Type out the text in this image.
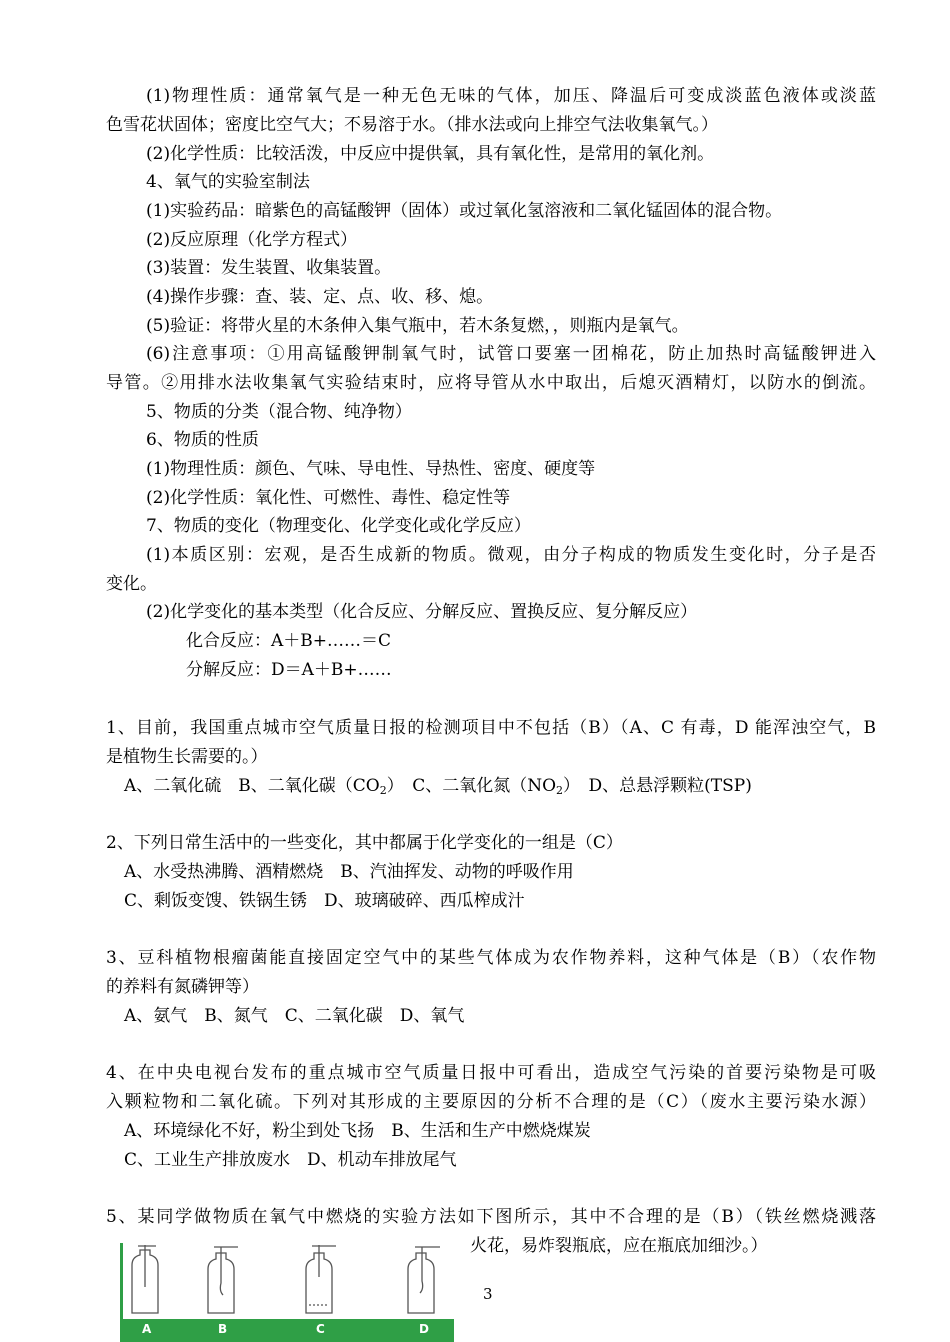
(1)物理性质：通常氧气是一种无色无味的气体，加压、降温后可变成淡蓝色液体或淡蓝
色雪花状固体；密度比空气大；不易溶于水。（排水法或向上排空气法收集氧气。）
(2)化学性质：比较活泼，中反应中提供氧，具有氧化性，是常用的氧化剂。
4、氧气的实验室制法
(1)实验药品：暗紫色的高锰酸钾（固体）或过氧化氢溶液和二氧化锰固体的混合物。
(2)反应原理（化学方程式）
(3)装置：发生装置、收集装置。
(4)操作步骤：查、装、定、点、收、移、熄。
(5)验证：将带火星的木条伸入集气瓶中，若木条复燃，，则瓶内是氧气。
(6)注意事项：①用高锰酸钾制氧气时，试管口要塞一团棉花，防止加热时高锰酸钾进入
导管。②用排水法收集氧气实验结束时，应将导管从水中取出，后熄灭酒精灯，以防水的倒流。
5、物质的分类（混合物、纯净物）
6、物质的性质
(1)物理性质：颜色、气味、导电性、导热性、密度、硬度等
(2)化学性质：氧化性、可燃性、毒性、稳定性等
7、物质的变化（物理变化、化学变化或化学反应）
(1)本质区别：宏观，是否生成新的物质。微观，由分子构成的物质发生变化时，分子是否
变化。
(2)化学变化的基本类型（化合反应、分解反应、置换反应、复分解反应）
化合反应：A＋B+……＝C
分解反应：D＝A＋B+……
1、目前，我国重点城市空气质量日报的检测项目中不包括（B）（A、C 有毒，D 能浑浊空气，B
是植物生长需要的。）
A、二氧化硫　B、二氧化碳$(CO_2)$　C、二氧化氮$(NO_2)$　D、总悬浮颗粒(TSP)
2、下列日常生活中的一些变化，其中都属于化学变化的一组是（C）
A、水受热沸腾、酒精燃烧　B、汽油挥发、动物的呼吸作用
C、剩饭变馊、铁锅生锈　D、玻璃破碎、西瓜榨成汁
3、豆科植物根瘤菌能直接固定空气中的某些气体成为农作物养料，这种气体是（B）（农作物
的养料有氮磷钾等）
A、氨气　B、氮气　C、二氧化碳　D、氧气
4、在中央电视台发布的重点城市空气质量日报中可看出，造成空气污染的首要污染物是可吸
入颗粒物和二氧化硫。下列对其形成的主要原因的分析不合理的是（C）（废水主要污染水源）
A、环境绿化不好，粉尘到处飞扬　B、生活和生产中燃烧煤炭
C、工业生产排放废水　D、机动车排放尾气
5、某同学做物质在氧气中燃烧的实验方法如下图所示，其中不合理的是（B）（铁丝燃烧溅落
火花，易炸裂瓶底，应在瓶底加细沙。）
A	B	C	D
3
